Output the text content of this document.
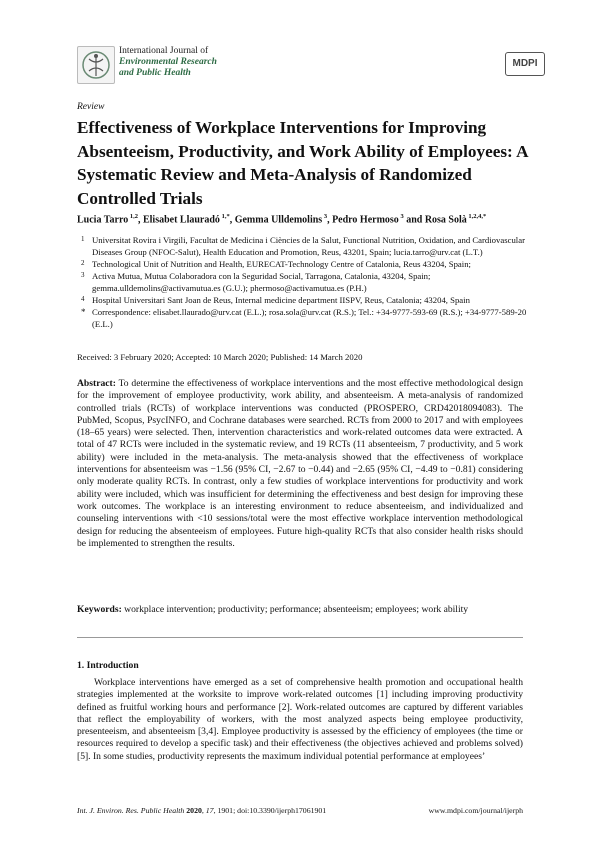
International Journal of
Environmental Research
and Public Health
MDPI
Review
Effectiveness of Workplace Interventions for Improving Absenteeism, Productivity, and Work Ability of Employees: A Systematic Review and Meta-Analysis of Randomized Controlled Trials
Lucia Tarro $^{1,2}$, Elisabet Llauradó $^{1,*}$, Gemma Ulldemolins $^3$, Pedro Hermoso $^3$ and Rosa Solà $^{1,2,4,*}$
1 Universitat Rovira i Virgili, Facultat de Medicina i Ciències de la Salut, Functional Nutrition, Oxidation, and Cardiovascular Diseases Group (NFOC-Salut), Health Education and Promotion, Reus, 43201, Spain; lucia.tarro@urv.cat (L.T.)
2 Technological Unit of Nutrition and Health, EURECAT-Technology Centre of Catalonia, Reus 43204, Spain;
3 Activa Mutua, Mutua Colaboradora con la Seguridad Social, Tarragona, Catalonia, 43204, Spain; gemma.ulldemolins@activamutua.es (G.U.); phermoso@activamutua.es (P.H.)
4 Hospital Universitari Sant Joan de Reus, Internal medicine department IISPV, Reus, Catalonia; 43204, Spain
* Correspondence: elisabet.llaurado@urv.cat (E.L.); rosa.sola@urv.cat (R.S.); Tel.: +34-9777-593-69 (R.S.); +34-9777-589-20 (E.L.)
Received: 3 February 2020; Accepted: 10 March 2020; Published: 14 March 2020
Abstract: To determine the effectiveness of workplace interventions and the most effective methodological design for the improvement of employee productivity, work ability, and absenteeism. A meta-analysis of randomized controlled trials (RCTs) of workplace interventions was conducted (PROSPERO, CRD42018094083). The PubMed, Scopus, PsycINFO, and Cochrane databases were searched. RCTs from 2000 to 2017 and with employees (18–65 years) were selected. Then, intervention characteristics and work-related outcomes data were extracted. A total of 47 RCTs were included in the systematic review, and 19 RCTs (11 absenteeism, 7 productivity, and 5 work ability) were included in the meta-analysis. The meta-analysis showed that the effectiveness of workplace interventions for absenteeism was −1.56 (95% CI, −2.67 to −0.44) and −2.65 (95% CI, −4.49 to −0.81) considering only moderate quality RCTs. In contrast, only a few studies of workplace interventions for productivity and work ability were included, which was insufficient for determining the effectiveness and best design for improving these work outcomes. The workplace is an interesting environment to reduce absenteeism, and individualized and counseling interventions with <10 sessions/total were the most effective workplace intervention methodological design for reducing the absenteeism of employees. Future high-quality RCTs that also consider health risks should be implemented to strengthen the results.
Keywords: workplace intervention; productivity; performance; absenteeism; employees; work ability
1. Introduction
Workplace interventions have emerged as a set of comprehensive health promotion and occupational health strategies implemented at the worksite to improve work-related outcomes [1] including improving productivity defined as fruitful working hours and performance [2]. Work-related outcomes are captured by different variables that reflect the employability of workers, with the most analyzed aspects being employee productivity, presenteeism, and absenteeism [3,4]. Employee productivity is assessed by the efficiency of employees (the time or resources required to develop a specific task) and their effectiveness (the objectives achieved and problems solved) [5]. In some studies, productivity represents the maximum individual potential performance at employees’
Int. J. Environ. Res. Public Health 2020, 17, 1901; doi:10.3390/ijerph17061901	www.mdpi.com/journal/ijerph
